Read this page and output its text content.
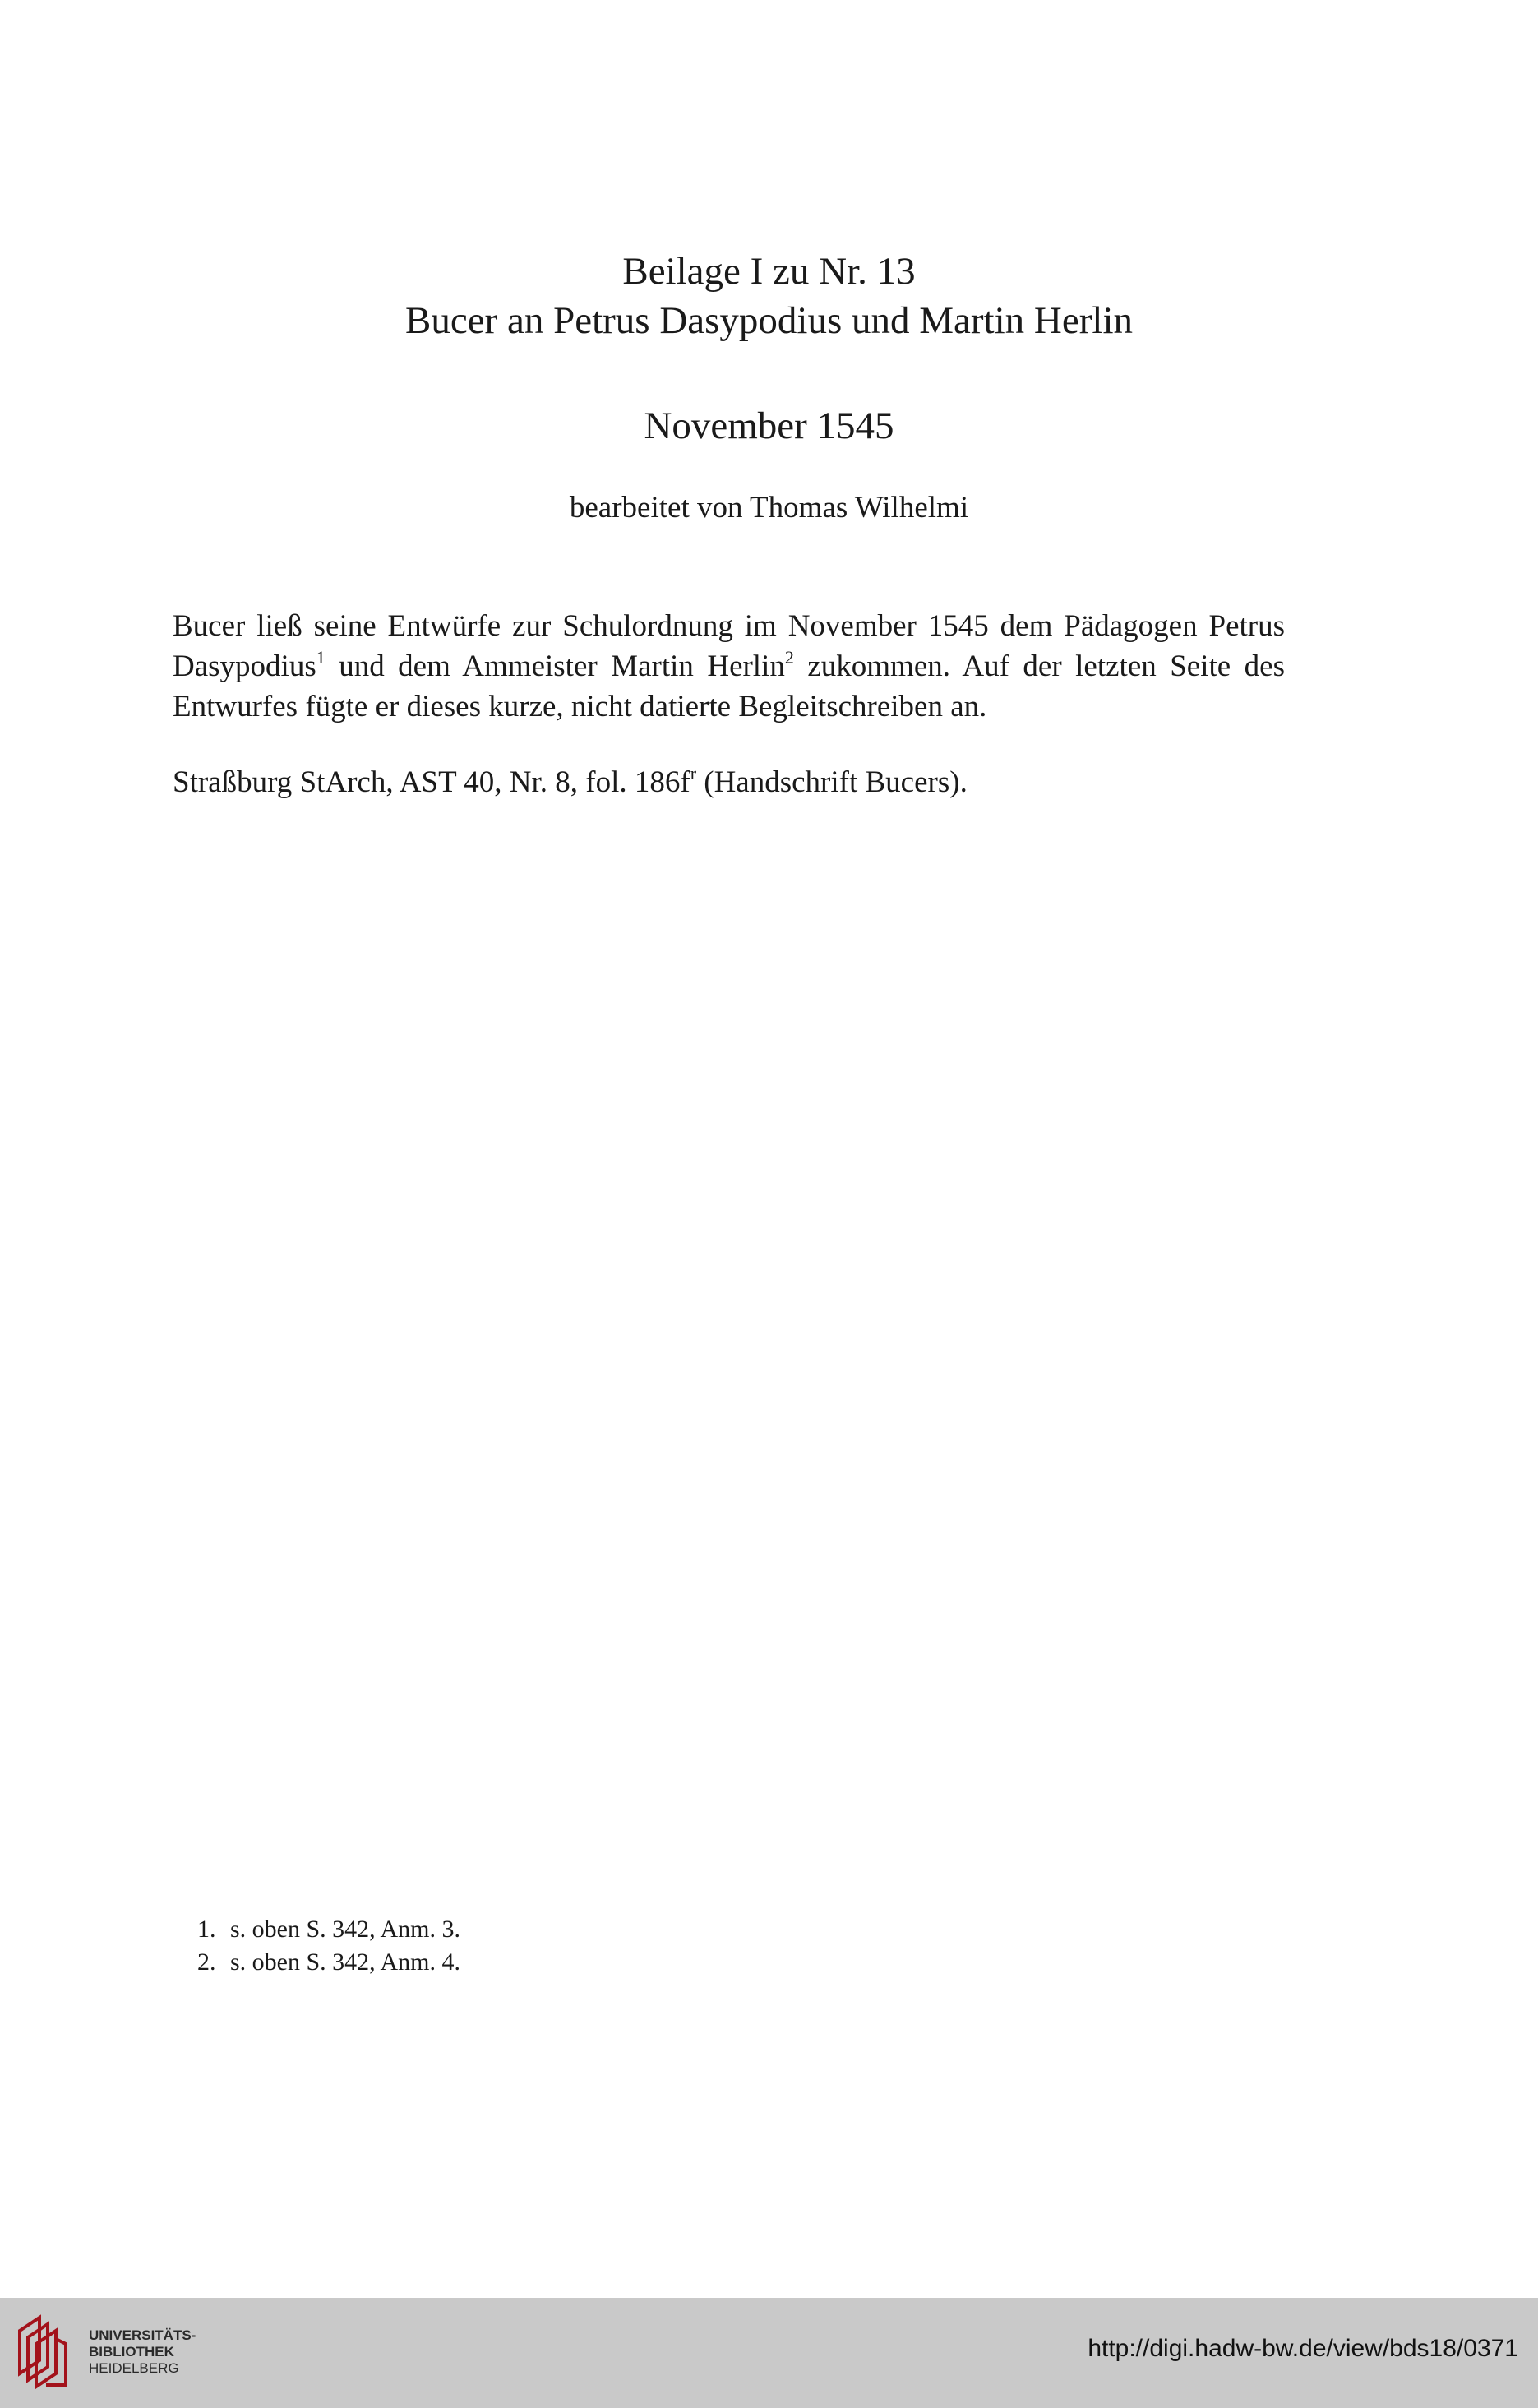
Beilage I zu Nr. 13
Bucer an Petrus Dasypodius und Martin Herlin
November 1545
bearbeitet von Thomas Wilhelmi
Bucer ließ seine Entwürfe zur Schulordnung im November 1545 dem Pädagogen Petrus Dasypodius$^1$ und dem Ammeister Martin Herlin$^2$ zukommen. Auf der letzten Seite des Entwurfes fügte er dieses kurze, nicht datierte Begleitschreiben an.
Straßburg StArch, AST 40, Nr. 8, fol. $186f^r$ (Handschrift Bucers).
1. s. oben S. 342, Anm. 3.
2. s. oben S. 342, Anm. 4.
UNIVERSITÄTS-
BIBLIOTHEK
HEIDELBERG
http://digi.hadw-bw.de/view/bds18/0371
